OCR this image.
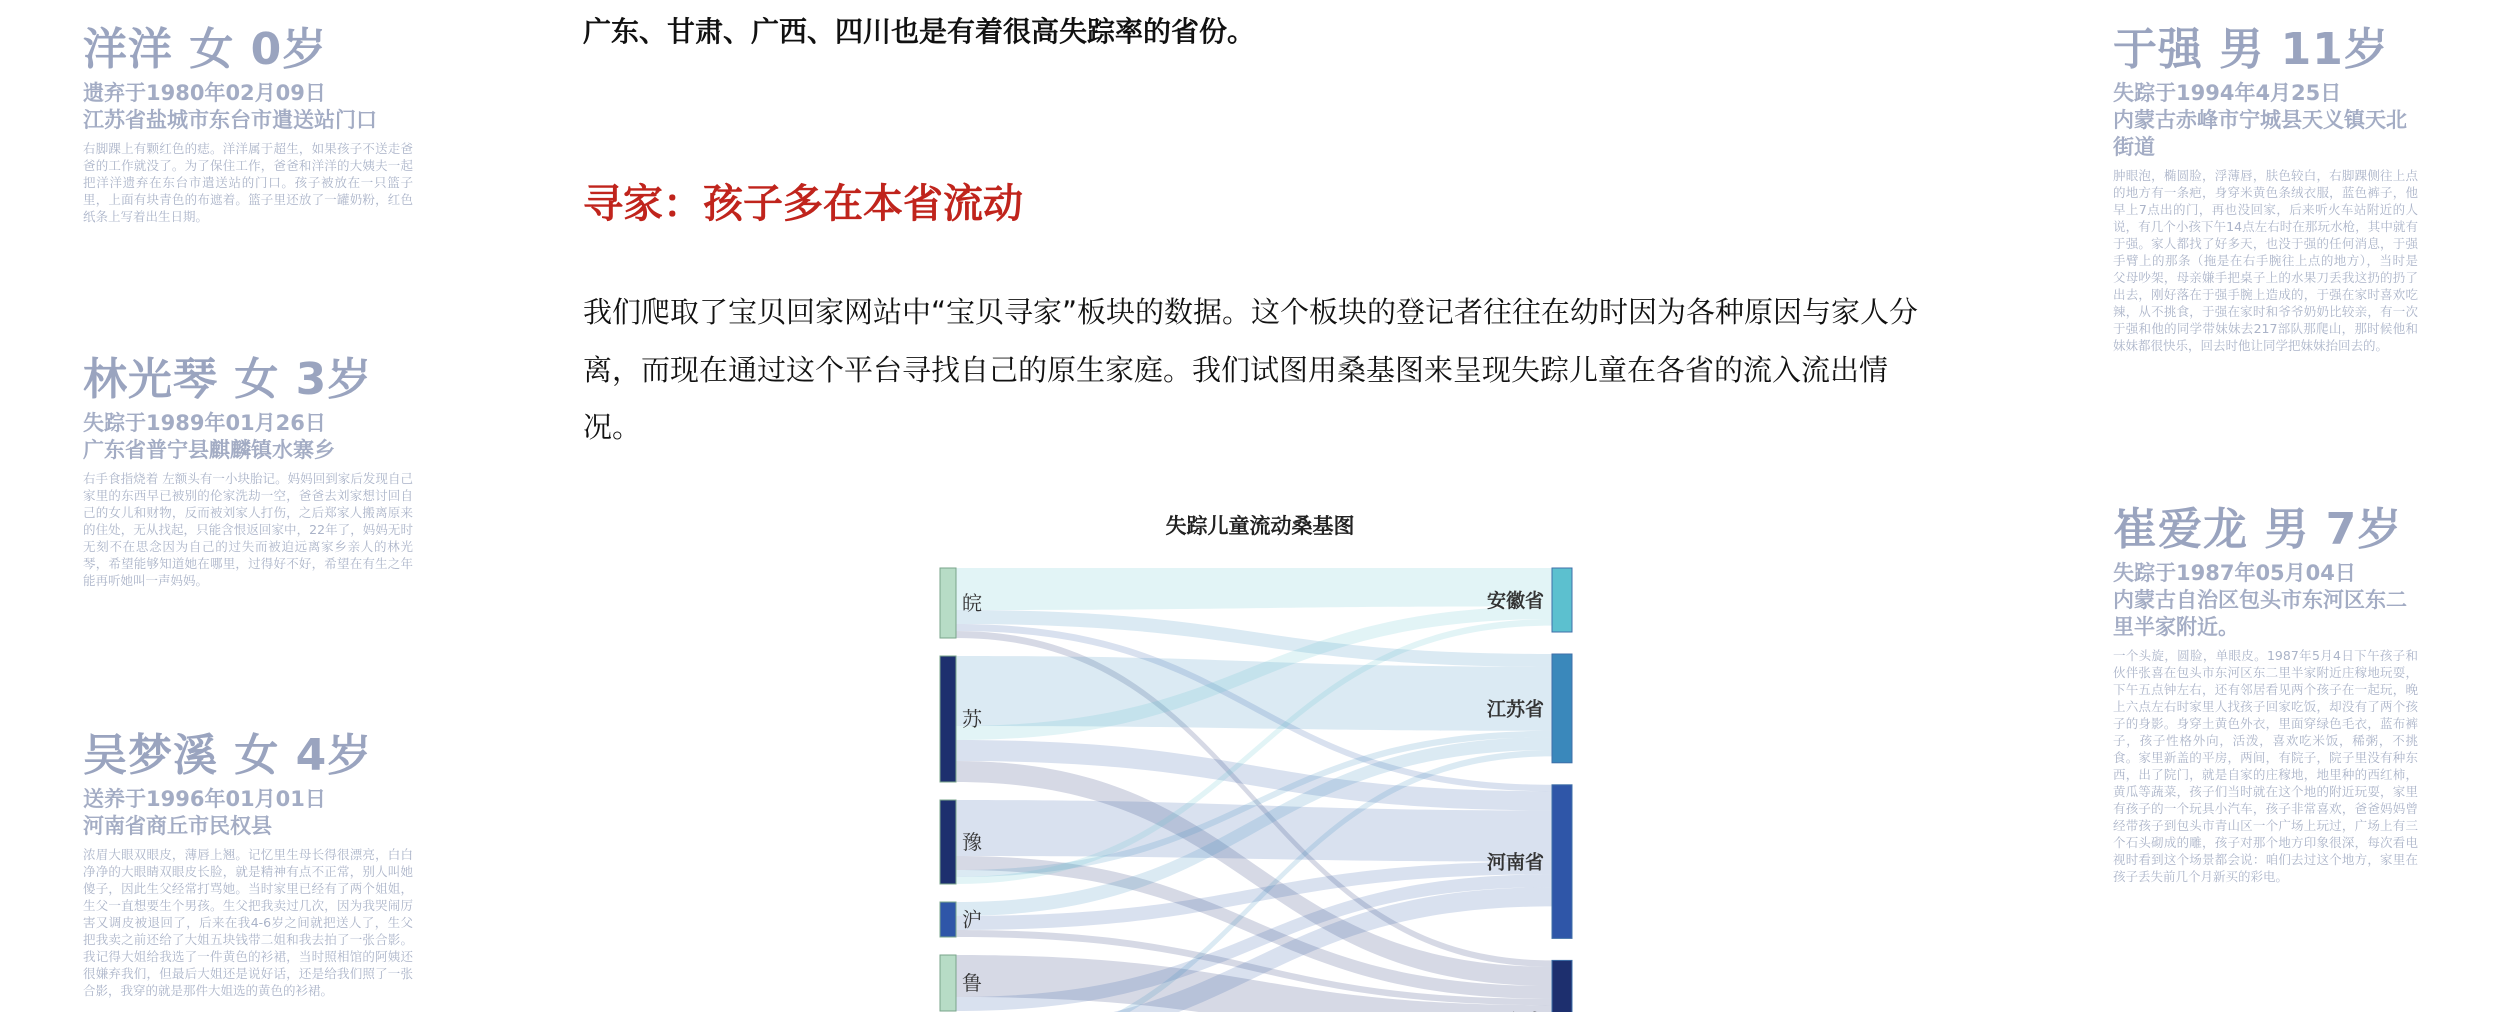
洋洋 女 0岁
遗弃于1980年02月09日
江苏省盐城市东台市遣送站门口
右脚踝上有颗红色的痣。洋洋属于超生，如果孩子不送走爸爸的工作就没了。为了保住工作，爸爸和洋洋的大姨夫一起把洋洋遗弃在东台市遣送站的门口。孩子被放在一只篮子里，上面有块青色的布遮着。篮子里还放了一罐奶粉，红色纸条上写着出生日期。
林光琴 女 3岁
失踪于1989年01月26日
广东省普宁县麒麟镇水寨乡
右手食指烧着 左额头有一小块胎记。妈妈回到家后发现自己家里的东西早已被别的伦家洗劫一空，爸爸去刘家想讨回自己的女儿和财物，反而被刘家人打伤，之后郑家人搬离原来的住处，无从找起，只能含恨返回家中，22年了，妈妈无时无刻不在思念因为自己的过失而被迫远离家乡亲人的林光琴，希望能够知道她在哪里，过得好不好，希望在有生之年能再听她叫一声妈妈。
吴梦溪 女 4岁
送养于1996年01月01日
河南省商丘市民权县
浓眉大眼双眼皮，薄唇上翘。记忆里生母长得很漂亮，白白净净的大眼睛双眼皮长脸，就是精神有点不正常，别人叫她傻子，因此生父经常打骂她。当时家里已经有了两个姐姐，生父一直想要生个男孩。生父把我卖过几次，因为我哭闹厉害又调皮被退回了，后来在我4-6岁之间就把送人了，生父把我卖之前还给了大姐五块钱带二姐和我去拍了一张合影。我记得大姐给我选了一件黄色的衫裙，当时照相馆的阿姨还很嫌弃我们，但最后大姐还是说好话，还是给我们照了一张合影，我穿的就是那件大姐选的黄色的衫裙。
于强 男 11岁
失踪于1994年4月25日
内蒙古赤峰市宁城县天义镇天北街道
肿眼泡，椭圆脸，浮薄唇，肤色较白，右脚踝侧往上点的地方有一条疤，身穿米黄色条绒衣服，蓝色裤子，他早上7点出的门，再也没回家，后来听火车站附近的人说，有几个小孩下午14点左右时在那玩水枪，其中就有于强。家人都找了好多天，也没于强的任何消息，于强手臂上的那条（拖是在右手腕往上点的地方），当时是父母吵架，母亲嫌手把桌子上的水果刀丢我这扔的扔了出去，刚好落在于强手腕上造成的，于强在家时喜欢吃辣，从不挑食，于强在家时和爷爷奶奶比较亲，有一次于强和他的同学带妹妹去217部队那爬山，那时候他和妹妹都很快乐，回去时他让同学把妹妹抬回去的。
崔爱龙 男 7岁
失踪于1987年05月04日
内蒙古自治区包头市东河区东二里半家附近。
一个头旋，圆脸，单眼皮。1987年5月4日下午孩子和伙伴张喜在包头市东河区东二里半家附近庄稼地玩耍，下午五点钟左右，还有邻居看见两个孩子在一起玩，晚上六点左右时家里人找孩子回家吃饭，却没有了两个孩子的身影。身穿土黄色外衣，里面穿绿色毛衣，蓝布裤子，孩子性格外向，活泼，喜欢吃米饭，稀粥，不挑食。家里新盖的平房，两间，有院子，院子里没有种东西，出了院门，就是自家的庄稼地，地里种的西红柿，黄瓜等蔬菜，孩子们当时就在这个地的附近玩耍，家里有孩子的一个玩具小汽车，孩子非常喜欢，爸爸妈妈曾经带孩子到包头市青山区一个广场上玩过，广场上有三个石头砌成的雕，孩子对那个地方印象很深，每次看电视时看到这个场景都会说：咱们去过这个地方，家里在孩子丢失前几个月新买的彩电。
广东、甘肃、广西、四川也是有着很高失踪率的省份。
寻家：孩子多在本省流动
我们爬取了宝贝回家网站中“宝贝寻家”板块的数据。这个板块的登记者往往在幼时因为各种原因与家人分离，而现在通过这个平台寻找自己的原生家庭。我们试图用桑基图来呈现失踪儿童在各省的流入流出情况。
失踪儿童流动桑基图
皖
苏
豫
沪
鲁
安徽省
江苏省
河南省
